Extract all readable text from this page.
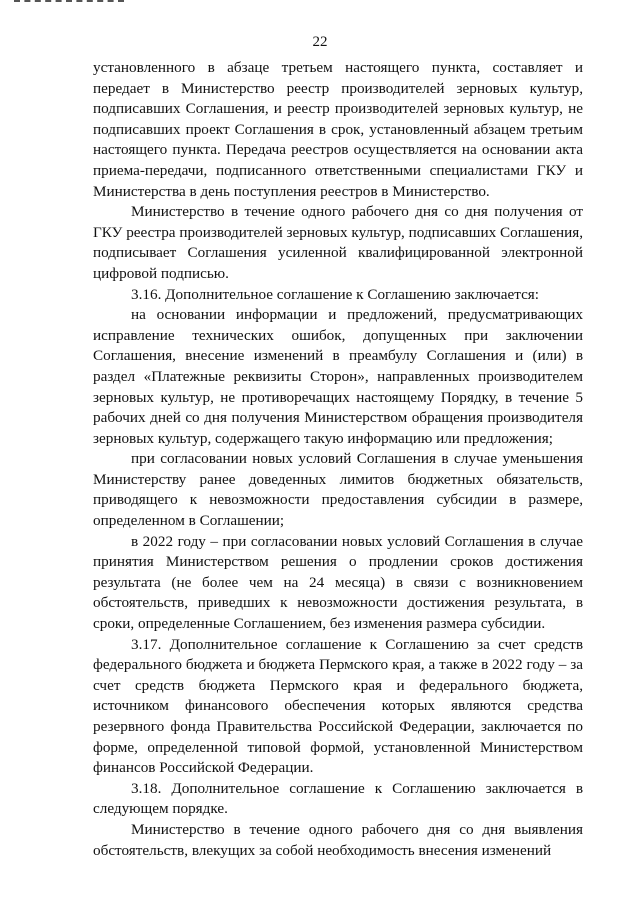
22

установленного в абзаце третьем настоящего пункта, составляет и передает в Министерство реестр производителей зерновых культур, подписавших Соглашения, и реестр производителей зерновых культур, не подписавших проект Соглашения в срок, установленный абзацем третьим настоящего пункта. Передача реестров осуществляется на основании акта приема-передачи, подписанного ответственными специалистами ГКУ и Министерства в день поступления реестров в Министерство.

Министерство в течение одного рабочего дня со дня получения от ГКУ реестра производителей зерновых культур, подписавших Соглашения, подписывает Соглашения усиленной квалифицированной электронной цифровой подписью.

3.16. Дополнительное соглашение к Соглашению заключается:

на основании информации и предложений, предусматривающих исправление технических ошибок, допущенных при заключении Соглашения, внесение изменений в преамбулу Соглашения и (или) в раздел «Платежные реквизиты Сторон», направленных производителем зерновых культур, не противоречащих настоящему Порядку, в течение 5 рабочих дней со дня получения Министерством обращения производителя зерновых культур, содержащего такую информацию или предложения;

при согласовании новых условий Соглашения в случае уменьшения Министерству ранее доведенных лимитов бюджетных обязательств, приводящего к невозможности предоставления субсидии в размере, определенном в Соглашении;

в 2022 году – при согласовании новых условий Соглашения в случае принятия Министерством решения о продлении сроков достижения результата (не более чем на 24 месяца) в связи с возникновением обстоятельств, приведших к невозможности достижения результата, в сроки, определенные Соглашением, без изменения размера субсидии.

3.17. Дополнительное соглашение к Соглашению за счет средств федерального бюджета и бюджета Пермского края, а также в 2022 году – за счет средств бюджета Пермского края и федерального бюджета, источником финансового обеспечения которых являются средства резервного фонда Правительства Российской Федерации, заключается по форме, определенной типовой формой, установленной Министерством финансов Российской Федерации.

3.18. Дополнительное соглашение к Соглашению заключается в следующем порядке.

Министерство в течение одного рабочего дня со дня выявления обстоятельств, влекущих за собой необходимость внесения изменений
